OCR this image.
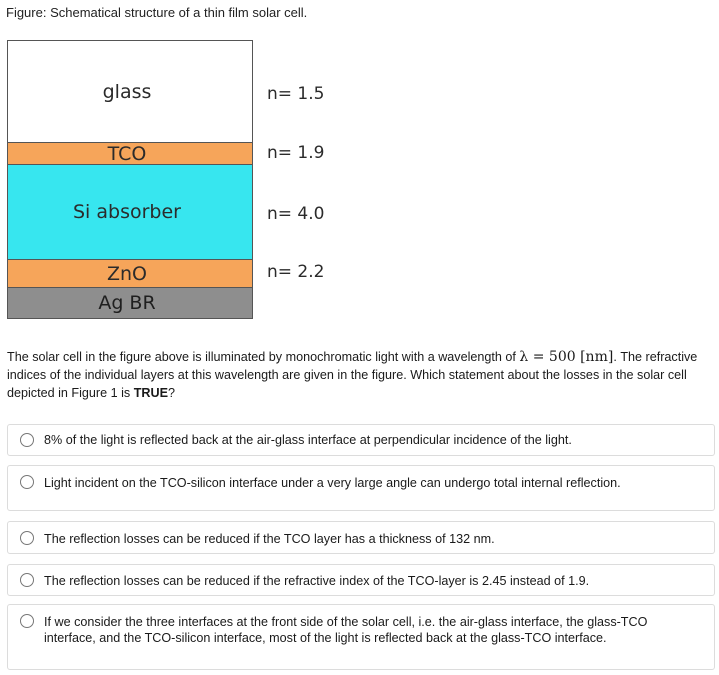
Figure: Schematical structure of a thin film solar cell.
glass
TCO
Si absorber
ZnO
Ag BR
n= 1.5
n= 1.9
n= 4.0
n= 2.2
The solar cell in the figure above is illuminated by monochromatic light with a wavelength of λ = 500 [nm]. The refractive indices of the individual layers at this wavelength are given in the figure. Which statement about the losses in the solar cell depicted in Figure 1 is TRUE?
8% of the light is reflected back at the air-glass interface at perpendicular incidence of the light.
Light incident on the TCO-silicon interface under a very large angle can undergo total internal reflection.
The reflection losses can be reduced if the TCO layer has a thickness of 132 nm.
The reflection losses can be reduced if the refractive index of the TCO-layer is 2.45 instead of 1.9.
If we consider the three interfaces at the front side of the solar cell, i.e. the air-glass interface, the glass-TCO interface, and the TCO-silicon interface, most of the light is reflected back at the glass-TCO interface.
